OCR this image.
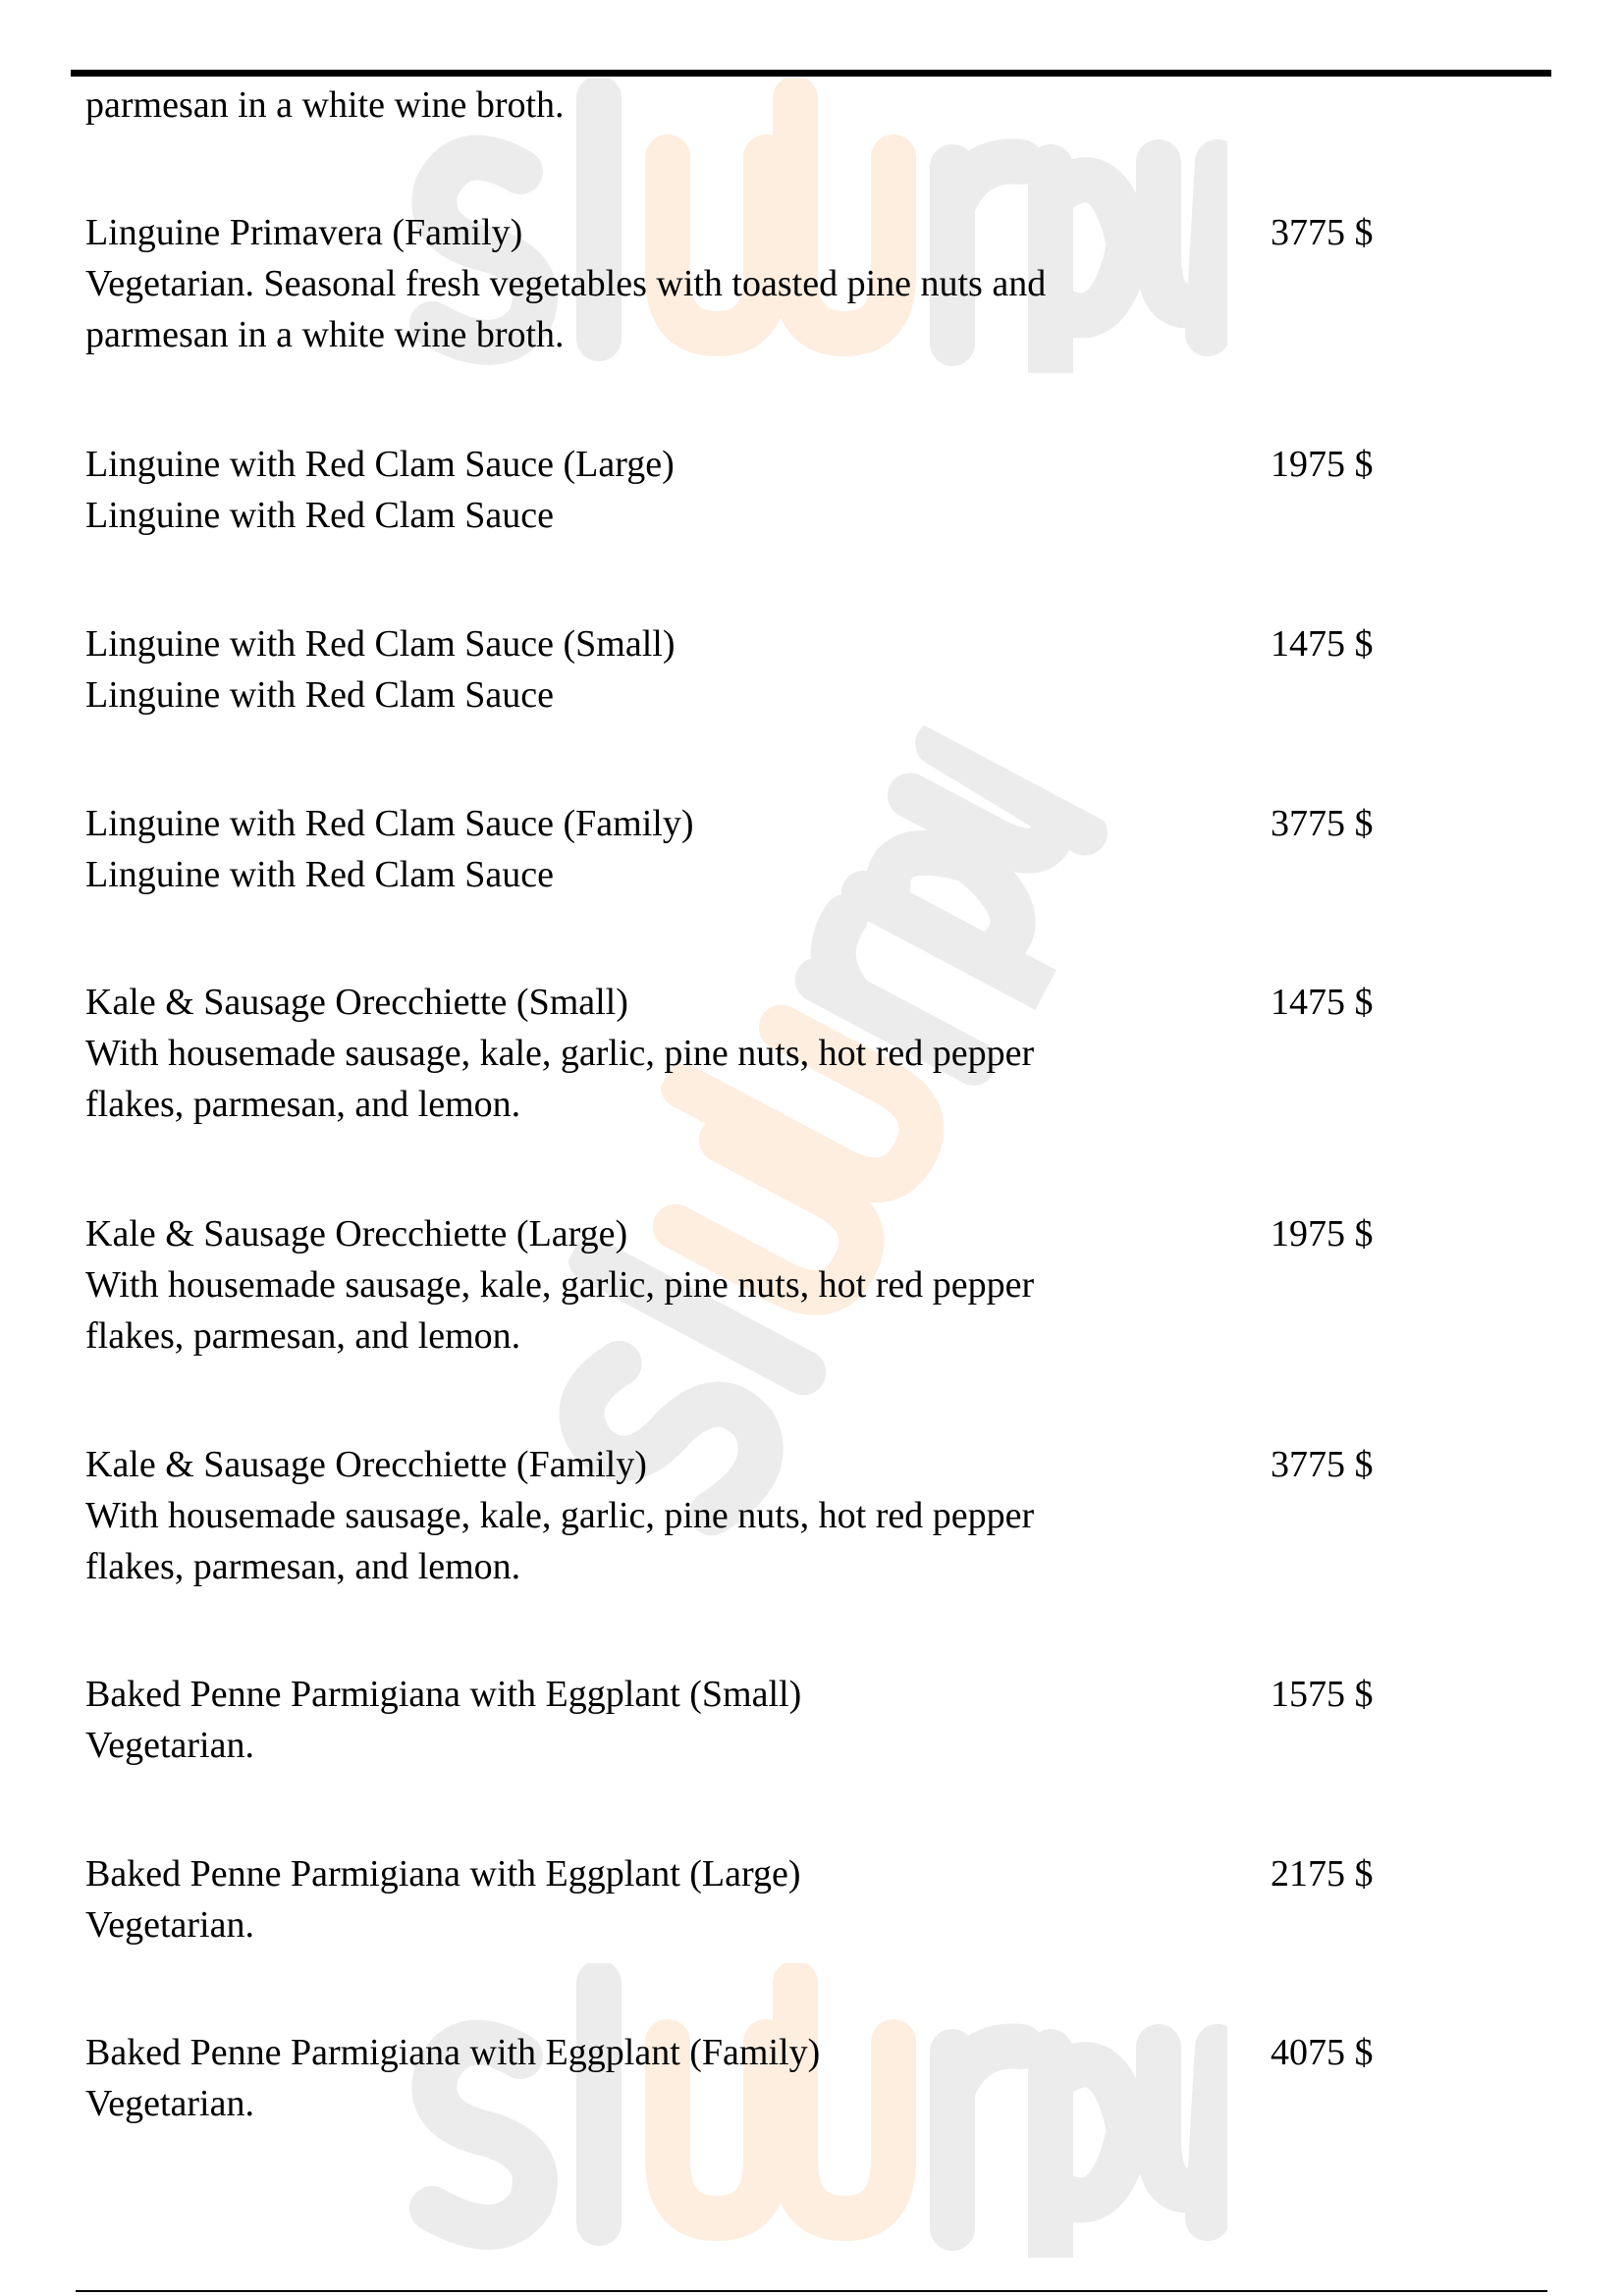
parmesan in a white wine broth.
Linguine Primavera (Family)	3775 $
Vegetarian. Seasonal fresh vegetables with toasted pine nuts and
parmesan in a white wine broth.
Linguine with Red Clam Sauce (Large)	1975 $
Linguine with Red Clam Sauce
Linguine with Red Clam Sauce (Small)	1475 $
Linguine with Red Clam Sauce
Linguine with Red Clam Sauce (Family)	3775 $
Linguine with Red Clam Sauce
Kale & Sausage Orecchiette (Small)	1475 $
With housemade sausage, kale, garlic, pine nuts, hot red pepper
flakes, parmesan, and lemon.
Kale & Sausage Orecchiette (Large)	1975 $
With housemade sausage, kale, garlic, pine nuts, hot red pepper
flakes, parmesan, and lemon.
Kale & Sausage Orecchiette (Family)	3775 $
With housemade sausage, kale, garlic, pine nuts, hot red pepper
flakes, parmesan, and lemon.
Baked Penne Parmigiana with Eggplant (Small)	1575 $
Vegetarian.
Baked Penne Parmigiana with Eggplant (Large)	2175 $
Vegetarian.
Baked Penne Parmigiana with Eggplant (Family)	4075 $
Vegetarian.
